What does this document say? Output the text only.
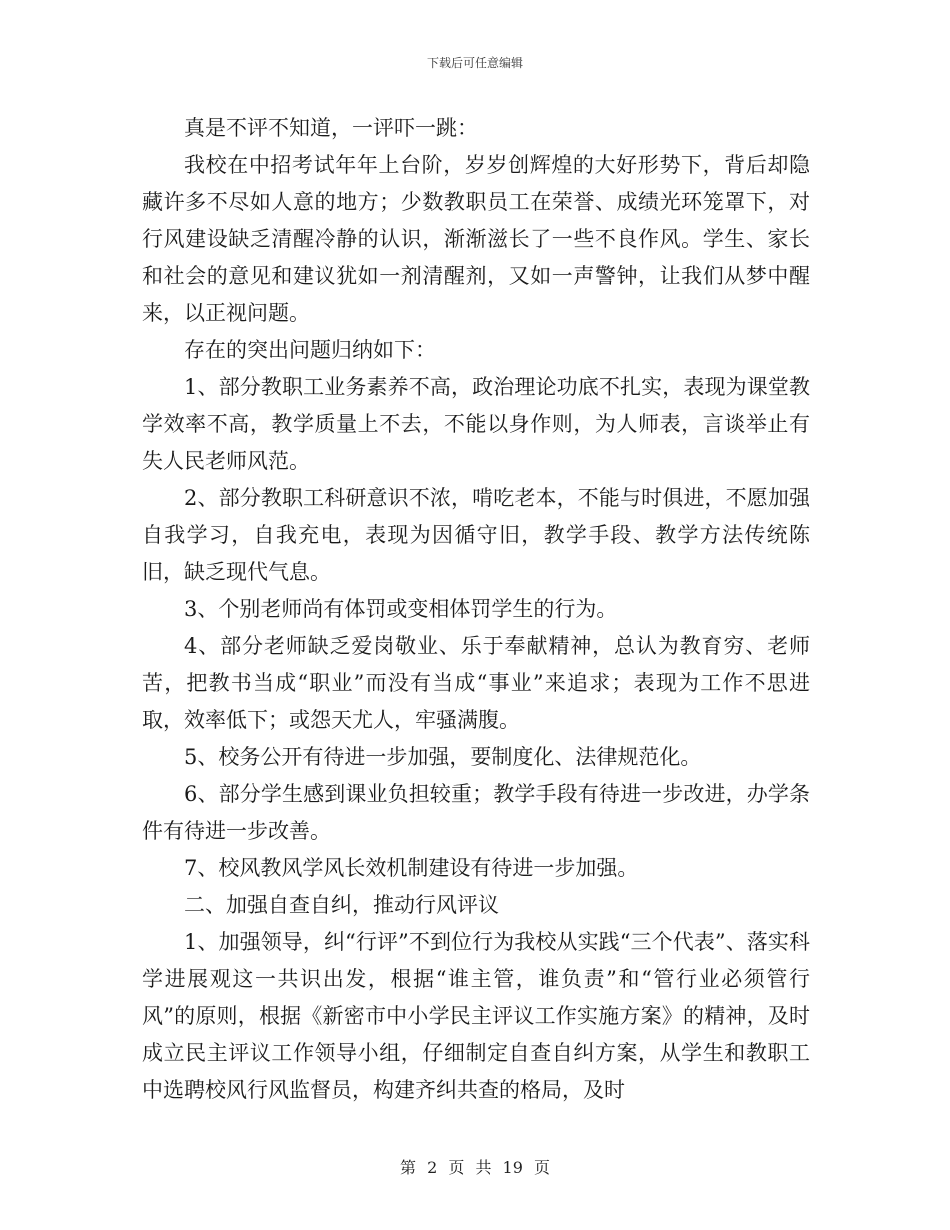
下载后可任意编辑

真是不评不知道，一评吓一跳：

我校在中招考试年年上台阶，岁岁创辉煌的大好形势下，背后却隐藏许多不尽如人意的地方；少数教职员工在荣誉、成绩光环笼罩下，对行风建设缺乏清醒冷静的认识，渐渐滋长了一些不良作风。学生、家长和社会的意见和建议犹如一剂清醒剂，又如一声警钟，让我们从梦中醒来，以正视问题。

存在的突出问题归纳如下：

1、部分教职工业务素养不高，政治理论功底不扎实，表现为课堂教学效率不高，教学质量上不去，不能以身作则，为人师表，言谈举止有失人民老师风范。

2、部分教职工科研意识不浓，啃吃老本，不能与时俱进，不愿加强自我学习，自我充电，表现为因循守旧，教学手段、教学方法传统陈旧，缺乏现代气息。

3、个别老师尚有体罚或变相体罚学生的行为。

4、部分老师缺乏爱岗敬业、乐于奉献精神，总认为教育穷、老师苦，把教书当成“职业”而没有当成“事业”来追求；表现为工作不思进取，效率低下；或怨天尤人，牢骚满腹。

5、校务公开有待进一步加强，要制度化、法律规范化。

6、部分学生感到课业负担较重；教学手段有待进一步改进，办学条件有待进一步改善。

7、校风教风学风长效机制建设有待进一步加强。

二、加强自查自纠，推动行风评议

1、加强领导，纠“行评”不到位行为我校从实践“三个代表”、落实科学进展观这一共识出发，根据“谁主管，谁负责”和“管行业必须管行风”的原则，根据《新密市中小学民主评议工作实施方案》的精神，及时成立民主评议工作领导小组，仔细制定自查自纠方案，从学生和教职工中选聘校风行风监督员，构建齐纠共查的格局，及时

第 2 页 共 19 页
